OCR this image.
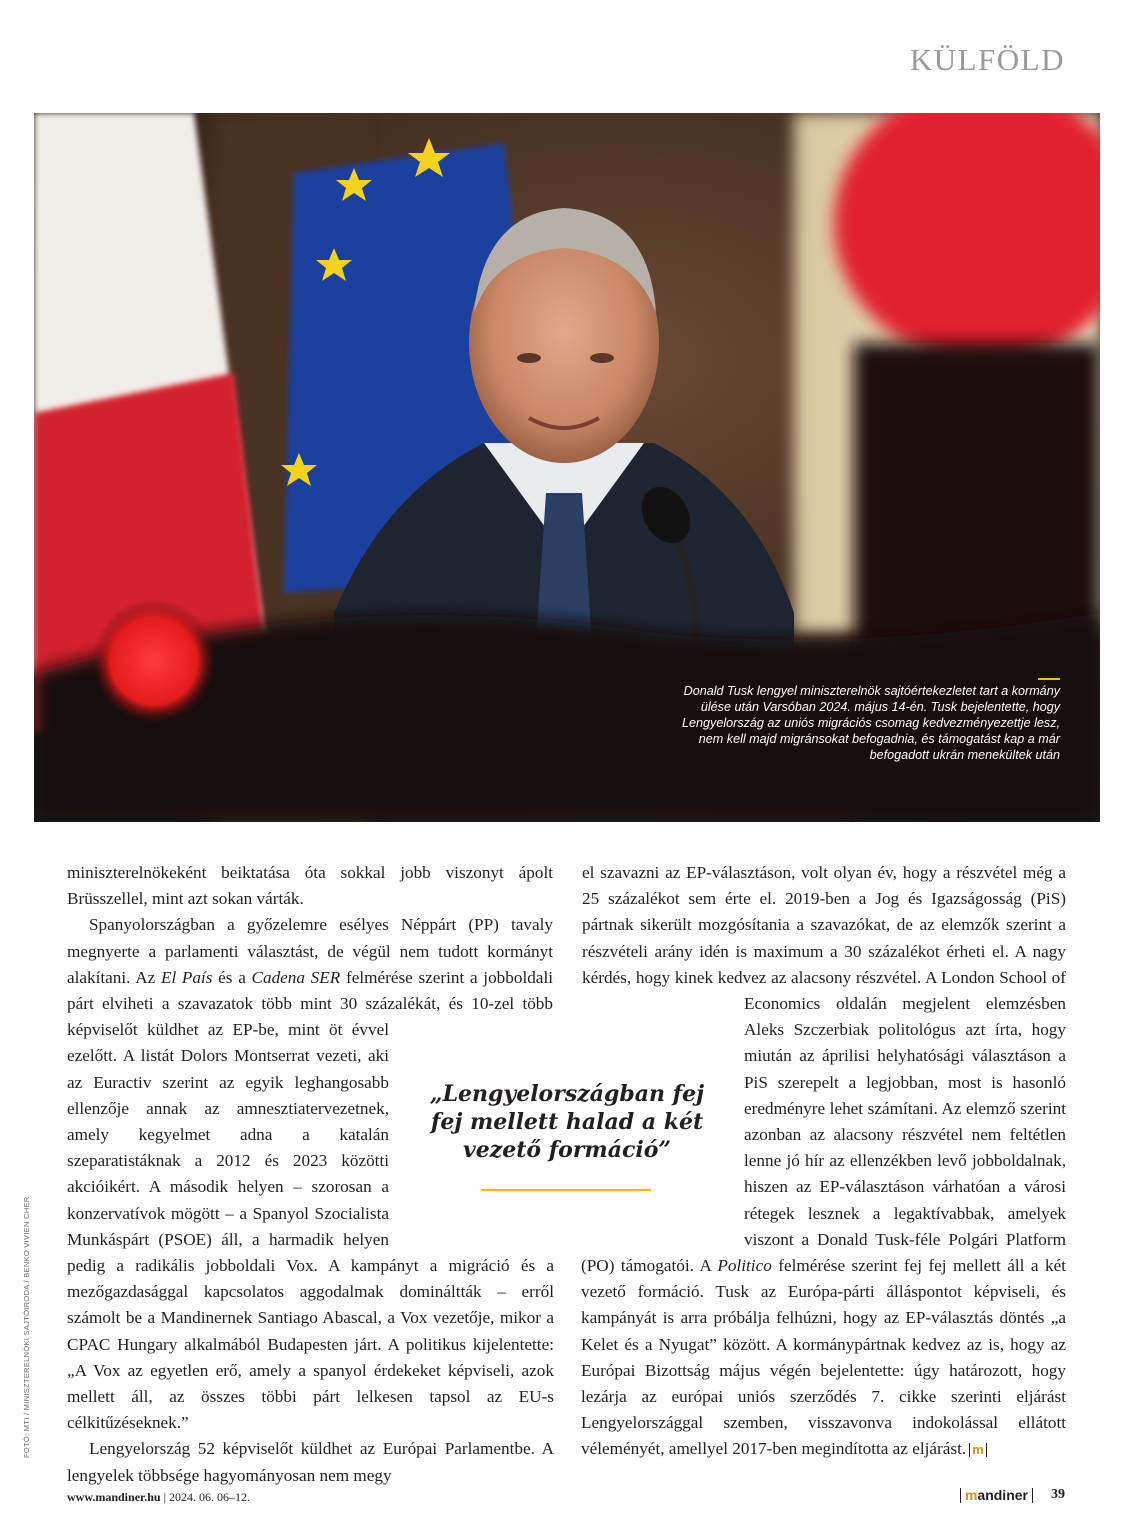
KÜLFÖLD
Donald Tusk lengyel miniszterelnök sajtóértekezletet tart a kormány ülése után Varsóban 2024. május 14-én. Tusk bejelentette, hogy Lengyelország az uniós migrációs csomag kedvezményezettje lesz, nem kell majd migránsokat befogadnia, és támogatást kap a már befogadott ukrán menekültek után
FOTÓ: MTI / MINISZTERELNÖKI SAJTÓIRODA / BENKO VIVIEN CHER

miniszterelnökeként beiktatása óta sokkal jobb viszonyt ápolt Brüsszellel, mint azt sokan várták.

Spanyolországban a győzelemre esélyes Néppárt (PP) tavaly megnyerte a parlamenti választást, de végül nem tudott kormányt alakítani. Az El País és a Cadena SER felmérése szerint a jobboldali párt elviheti a szavazatok több mint 30 százalékát, és 10-zel több képviselőt küldhet az EP-be, mint öt évvel ezelőtt. A listát Dolors Montserrat vezeti, aki az Euractiv szerint az egyik leghangosabb ellenzője annak az amnesztiatervezetnek, amely kegyelmet adna a katalán szeparatistáknak a 2012 és 2023 közötti akcióikért. A második helyen – szorosan a konzervatívok mögött – a Spanyol Szocialista Munkáspárt (PSOE) áll, a harmadik helyen pedig a radikális jobboldali Vox. A kampányt a migráció és a mezőgazdasággal kapcsolatos aggodalmak domináltták – erről számolt be a Mandinernek Santiago Abascal, a Vox vezetője, mikor a CPAC Hungary alkalmából Budapesten járt. A politikus kijelentette: „A Vox az egyetlen erő, amely a spanyol érdekeket képviseli, azok mellett áll, az összes többi párt lelkesen tapsol az EU-s célkitűzéseknek.”

Lengyelország 52 képviselőt küldhet az Európai Parlamentbe. A lengyelek többsége hagyományosan nem megy

el szavazni az EP-választáson, volt olyan év, hogy a részvétel még a 25 százalékot sem érte el. 2019-ben a Jog és Igazságosság (PiS) pártnak sikerült mozgósítania a szavazókat, de az elemzők szerint a részvételi arány idén is maximum a 30 százalékot érheti el. A nagy kérdés, hogy kinek kedvez az alacsony részvétel. A London School of Economics oldalán megjelent elemzésben Aleks Szczerbiak politológus azt írta, hogy miután az áprilisi helyhatósági választáson a PiS szerepelt a legjobban, most is hasonló eredményre lehet számítani. Az elemző szerint azonban az alacsony részvétel nem feltétlen lenne jó hír az ellenzékben levő jobboldalnak, hiszen az EP-választáson várhatóan a városi rétegek lesznek a legaktívabbak, amelyek viszont a Donald Tusk-féle Polgári Platform (PO) támogatói. A Politico felmérése szerint fej fej mellett áll a két vezető formáció. Tusk az Európa-párti álláspontot képviseli, és kampányát is arra próbálja felhúzni, hogy az EP-választás döntés „a Kelet és a Nyugat” között. A kormánypártnak kedvez az is, hogy az Európai Bizottság május végén bejelentette: úgy határozott, hogy lezárja az európai uniós szerződés 7. cikke szerinti eljárást Lengyelországgal szemben, visszavonva indokolással ellátott véleményét, amellyel 2017-ben megindította az eljárást. m

„Lengyelországban fej fej mellett halad a két vezető formáció”
www.mandiner.hu | 2024. 06. 06–12.	mandiner	39
